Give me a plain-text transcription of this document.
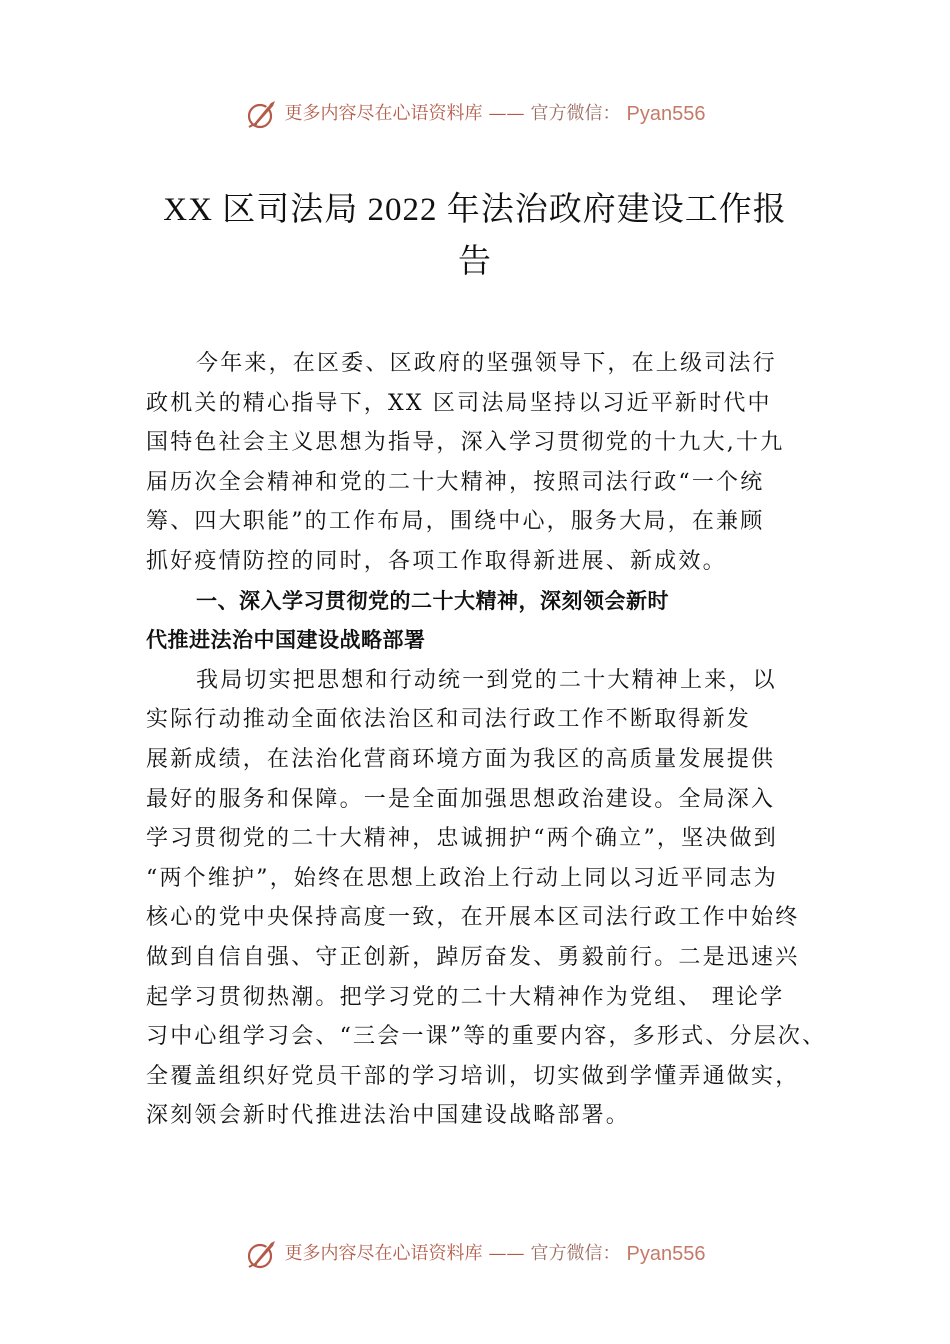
更多内容尽在心语资料库 —— 官方微信： Pyan556
XX 区司法局 2022 年法治政府建设工作报
告
今年来，在区委、区政府的坚强领导下，在上级司法行
政机关的精心指导下，XX 区司法局坚持以习近平新时代中
国特色社会主义思想为指导，深入学习贯彻党的十九大,十九
届历次全会精神和党的二十大精神，按照司法行政“一个统
筹、四大职能”的工作布局，围绕中心，服务大局，在兼顾
抓好疫情防控的同时，各项工作取得新进展、新成效。
一、深入学习贯彻党的二十大精神，深刻领会新时
代推进法治中国建设战略部署
我局切实把思想和行动统一到党的二十大精神上来，以
实际行动推动全面依法治区和司法行政工作不断取得新发
展新成绩，在法治化营商环境方面为我区的高质量发展提供
最好的服务和保障。一是全面加强思想政治建设。全局深入
学习贯彻党的二十大精神，忠诚拥护“两个确立”，坚决做到
“两个维护”，始终在思想上政治上行动上同以习近平同志为
核心的党中央保持高度一致，在开展本区司法行政工作中始终
做到自信自强、守正创新，踔厉奋发、勇毅前行。二是迅速兴
起学习贯彻热潮。把学习党的二十大精神作为党组、 理论学
习中心组学习会、“三会一课”等的重要内容，多形式、分层次、
全覆盖组织好党员干部的学习培训，切实做到学懂弄通做实，
深刻领会新时代推进法治中国建设战略部署。
更多内容尽在心语资料库 —— 官方微信： Pyan556
